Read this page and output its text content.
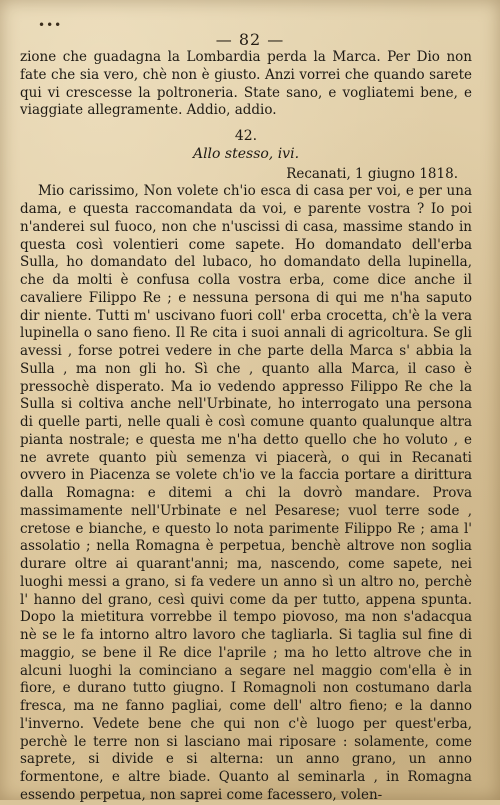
•••
— 82 —

zione che guadagna la Lombardia perda la Marca. Per Dio non fate che sia vero, chè non è giusto. Anzi vorrei che quando sarete qui vi crescesse la poltroneria. State sano, e vogliatemi bene, e viaggiate allegramente. Addio, addio.

42.

Allo stesso, ivi.

Recanati, 1 giugno 1818.

Mio carissimo, Non volete ch'io esca di casa per voi, e per una dama, e questa raccomandata da voi, e parente vostra ? Io poi n'anderei sul fuoco, non che n'uscissi di casa, massime stando in questa così volentieri come sapete. Ho domandato dell'erba Sulla, ho domandato del lubaco, ho domandato della lupinella, che da molti è confusa colla vostra erba, come dice anche il cavaliere Filippo Re ; e nessuna persona di qui me n'ha saputo dir niente. Tutti m' uscivano fuori coll' erba crocetta, ch'è la vera lupinella o sano fieno. Il Re cita i suoi annali di agricoltura. Se gli avessi , forse potrei vedere in che parte della Marca s' abbia la Sulla , ma non gli ho. Sì che , quanto alla Marca, il caso è pressochè disperato. Ma io vedendo appresso Filippo Re che la Sulla si coltiva anche nell'Urbinate, ho interrogato una persona di quelle parti, nelle quali è così comune quanto qualunque altra pianta nostrale; e questa me n'ha detto quello che ho voluto , e ne avrete quanto più semenza vi piacerà, o qui in Recanati ovvero in Piacenza se volete ch'io ve la faccia portare a dirittura dalla Romagna: e ditemi a chi la dovrò mandare. Prova massimamente nell'Urbinate e nel Pesarese; vuol terre sode , cretose e bianche, e questo lo nota parimente Filippo Re ; ama l' assolatio ; nella Romagna è perpetua, benchè altrove non soglia durare oltre ai quarant'anni; ma, nascendo, come sapete, nei luoghi messi a grano, si fa vedere un anno sì un altro no, perchè l' hanno del grano, cesì quivi come da per tutto, appena spunta. Dopo la mietitura vorrebbe il tempo piovoso, ma non s'adacqua nè se le fa intorno altro lavoro che tagliarla. Si taglia sul fine di maggio, se bene il Re dice l'aprile ; ma ho letto altrove che in alcuni luoghi la cominciano a segare nel maggio com'ella è in fiore, e durano tutto giugno. I Romagnoli non costumano darla fresca, ma ne fanno pagliai, come dell' altro fieno; e la danno l'inverno. Vedete bene che qui non c'è luogo per quest'erba, perchè le terre non si lasciano mai riposare : solamente, come saprete, si divide e si alterna: un anno grano, un anno formentone, e altre biade. Quanto al seminarla , in Romagna essendo perpetua, non saprei come facessero, volen-
